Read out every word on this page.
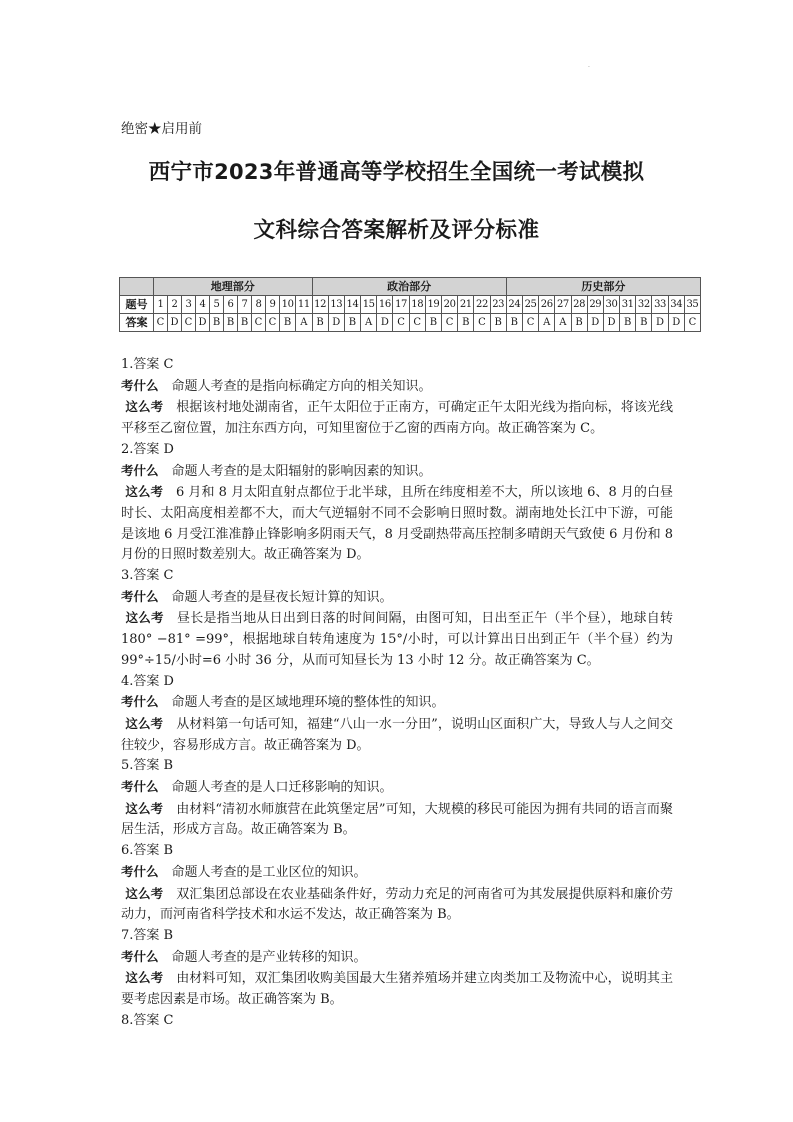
.
绝密★启用前
西宁市2023年普通高等学校招生全国统一考试模拟
文科综合答案解析及评分标准
	地理部分											政治部分												历史部分											
题号	1	2	3	4	5	6	7	8	9	10	11	12	13	14	15	16	17	18	19	20	21	22	23	24	25	26	27	28	29	30	31	32	33	34	35
答案	C	D	C	D	B	B	B	C	C	B	A	B	D	B	A	D	C	C	B	C	B	C	B	B	C	A	A	B	D	D	B	B	D	D	C
1.答案 C
考什么 命题人考查的是指向标确定方向的相关知识。
这么考 根据该村地处湖南省，正午太阳位于正南方，可确定正午太阳光线为指向标，将该光线平移至乙窗位置，加注东西方向，可知里窗位于乙窗的西南方向。故正确答案为 C。
2.答案 D
考什么 命题人考查的是太阳辐射的影响因素的知识。
这么考 6 月和 8 月太阳直射点都位于北半球，且所在纬度相差不大，所以该地 6、8 月的白昼时长、太阳高度相差都不大，而大气逆辐射不同不会影响日照时数。湖南地处长江中下游，可能是该地 6 月受江淮准静止锋影响多阴雨天气，8 月受副热带高压控制多晴朗天气致使 6 月份和 8 月份的日照时数差别大。故正确答案为 D。
3.答案 C
考什么 命题人考查的是昼夜长短计算的知识。
这么考 昼长是指当地从日出到日落的时间间隔，由图可知，日出至正午（半个昼），地球自转 180° −81° =99°，根据地球自转角速度为 15°/小时，可以计算出日出到正午（半个昼）约为 99°÷15/小时=6 小时 36 分，从而可知昼长为 13 小时 12 分。故正确答案为 C。
4.答案 D
考什么 命题人考查的是区域地理环境的整体性的知识。
这么考 从材料第一句话可知，福建“八山一水一分田”，说明山区面积广大，导致人与人之间交往较少，容易形成方言。故正确答案为 D。
5.答案 B
考什么 命题人考查的是人口迁移影响的知识。
这么考 由材料“清初水师旗营在此筑堡定居”可知，大规模的移民可能因为拥有共同的语言而聚居生活，形成方言岛。故正确答案为 B。
6.答案 B
考什么 命题人考查的是工业区位的知识。
这么考 双汇集团总部设在农业基础条件好，劳动力充足的河南省可为其发展提供原料和廉价劳动力，而河南省科学技术和水运不发达，故正确答案为 B。
7.答案 B
考什么 命题人考查的是产业转移的知识。
这么考 由材料可知，双汇集团收购美国最大生猪养殖场并建立肉类加工及物流中心，说明其主要考虑因素是市场。故正确答案为 B。
8.答案 C
